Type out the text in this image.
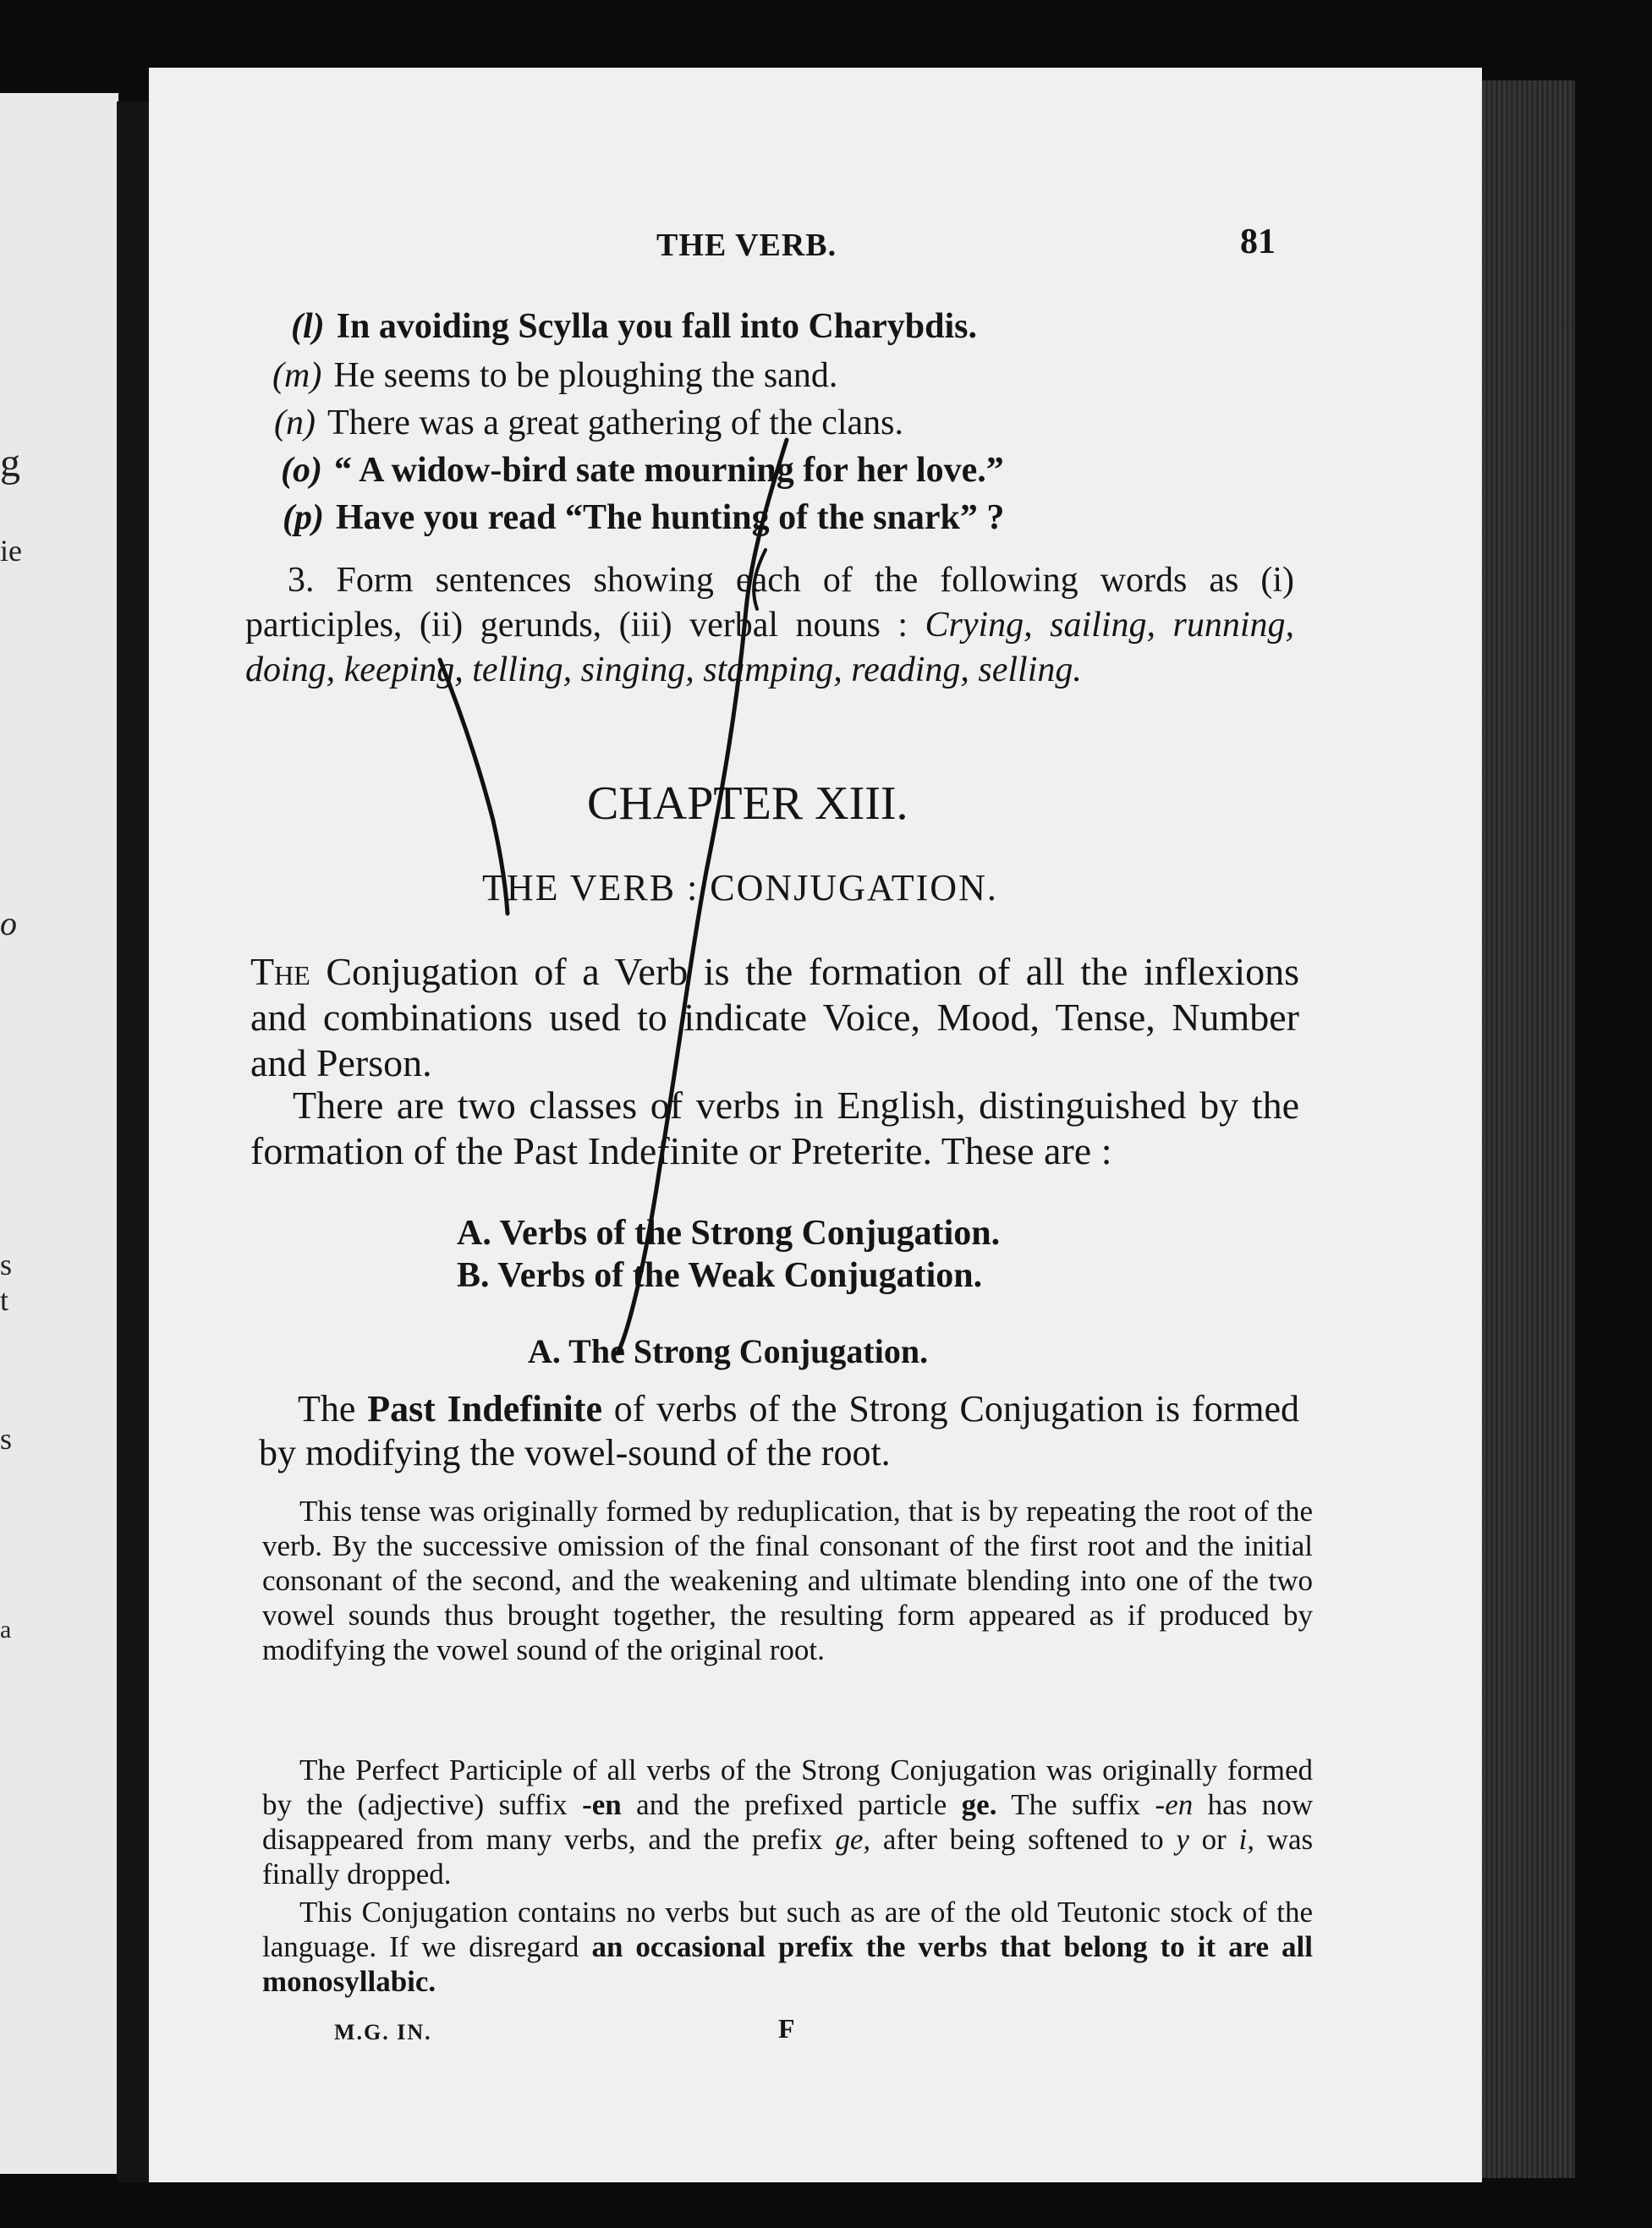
g
ie
o
s
t
s
a
THE VERB.	81
(l) In avoiding Scylla you fall into Charybdis.
(m) He seems to be ploughing the sand.
(n) There was a great gathering of the clans.
(o) “ A widow-bird sate mourning for her love.”
(p) Have you read “The hunting of the snark” ?
3. Form sentences showing each of the following words as (i) participles, (ii) gerunds, (iii) verbal nouns : Crying, sailing, running, doing, keeping, telling, singing, stamping, reading, selling.
CHAPTER XIII.
THE VERB : CONJUGATION.
The Conjugation of a Verb is the formation of all the inflexions and combinations used to indicate Voice, Mood, Tense, Number and Person.
There are two classes of verbs in English, distinguished by the formation of the Past Indefinite or Preterite. These are :
A. Verbs of the Strong Conjugation.
B. Verbs of the Weak Conjugation.
A. The Strong Conjugation.
The Past Indefinite of verbs of the Strong Conjugation is formed by modifying the vowel-sound of the root.

This tense was originally formed by reduplication, that is by repeating the root of the verb. By the successive omission of the final consonant of the first root and the initial consonant of the second, and the weakening and ultimate blending into one of the two vowel sounds thus brought together, the resulting form appeared as if produced by modifying the vowel sound of the original root.

The Perfect Participle of all verbs of the Strong Conjugation was originally formed by the (adjective) suffix -en and the prefixed particle ge. The suffix -en has now disappeared from many verbs, and the prefix ge, after being softened to y or i, was finally dropped.

This Conjugation contains no verbs but such as are of the old Teutonic stock of the language. If we disregard an occasional prefix the verbs that belong to it are all monosyllabic.

M.G. IN.	F
